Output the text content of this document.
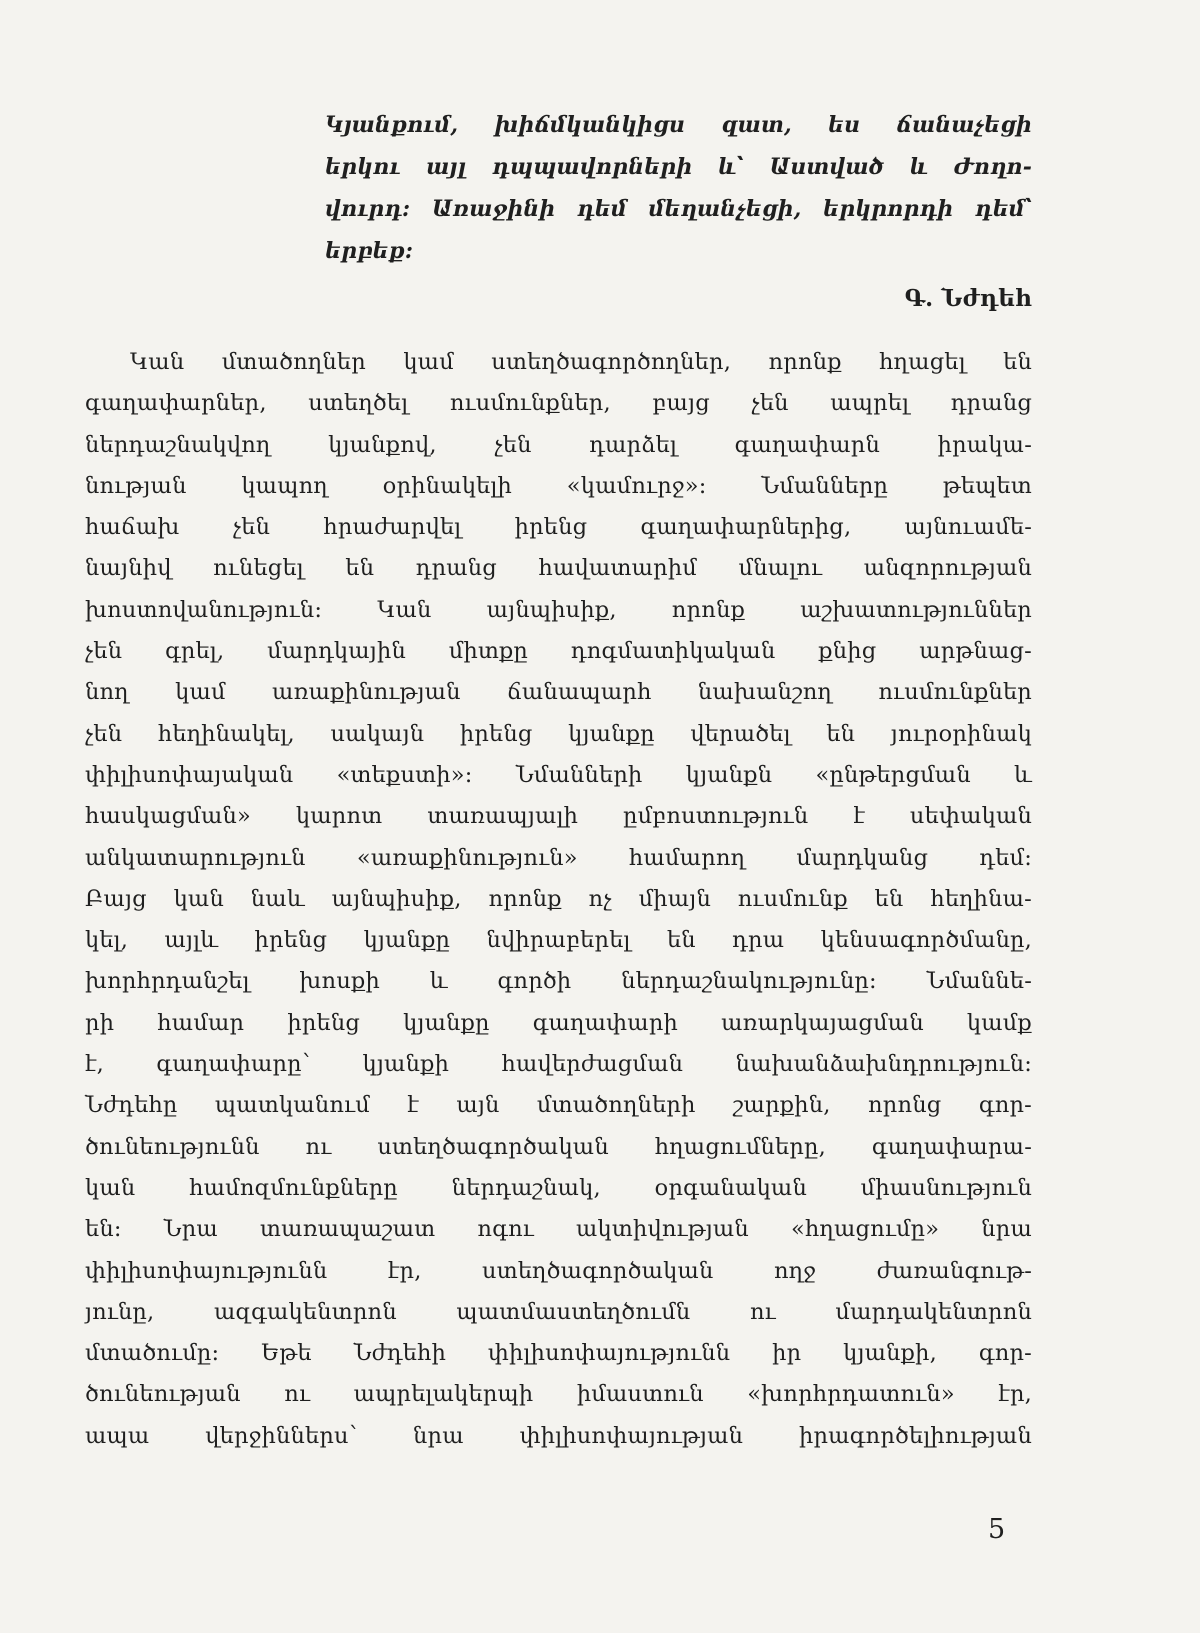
Կյանքում, խիճմկանկիցս զատ, ես ճանաչեցի
երկու այլ դպպավորների և՝ Աստված և Ժողո-
վուրդ: Առաջինի դեմ մեղանչեցի, երկրորդի դեմ՝
երբեք:
Գ. Նժդեհ
Կան մտածողներ կամ ստեղծագործողներ, որոնք հղացել են
գաղափարներ, ստեղծել ուսմունքներ, բայց չեն ապրել դրանց
ներդաշնակվող կյանքով, չեն դարձել գաղափարն իրակա-
նության կապող օրինակելի «կամուրջ»: Նմանները թեպետ
հաճախ չեն հրաժարվել իրենց գաղափարներից, այնուամե-
նայնիվ ունեցել են դրանց հավատարիմ մնալու անզորության
խոստովանություն: Կան այնպիսիք, որոնք աշխատություններ
չեն գրել, մարդկային միտքը դոգմատիկական քնից արթնաց-
նող կամ առաքինության ճանապարհ նախանշող ուսմունքներ
չեն հեղինակել, սակայն իրենց կյանքը վերածել են յուրօրինակ
փիլիսոփայական «տեքստի»: Նմանների կյանքն «ընթերցման և
հասկացման» կարոտ տառապյալի ըմբոստություն է սեփական
անկատարություն «առաքինություն» համարող մարդկանց դեմ:
Բայց կան նաև այնպիսիք, որոնք ոչ միայն ուսմունք են հեղինա-
կել, այլև իրենց կյանքը նվիրաբերել են դրա կենսագործմանը,
խորհրդանշել խոսքի և գործի ներդաշնակությունը: Նմաննե-
րի համար իրենց կյանքը գաղափարի առարկայացման կամք
է, գաղափարը՝ կյանքի հավերժացման նախանձախնդրություն:
Նժդեհը պատկանում է այն մտածողների շարքին, որոնց գոր-
ծունեությունն ու ստեղծագործական հղացումները, գաղափարա-
կան համոզմունքները ներդաշնակ, օրգանական միասնություն
են: Նրա տառապաշատ ոգու ակտիվության «հղացումը» նրա
փիլիսոփայությունն էր, ստեղծագործական ողջ ժառանգութ-
յունը, ազգակենտրոն պատմաստեղծումն ու մարդակենտրոն
մտածումը: Եթե Նժդեհի փիլիսոփայությունն իր կյանքի, գոր-
ծունեության ու ապրելակերպի իմաստուն «խորհրդատուն» էր,
ապա վերջիններս՝ նրա փիլիսոփայության իրագործելիության
5
